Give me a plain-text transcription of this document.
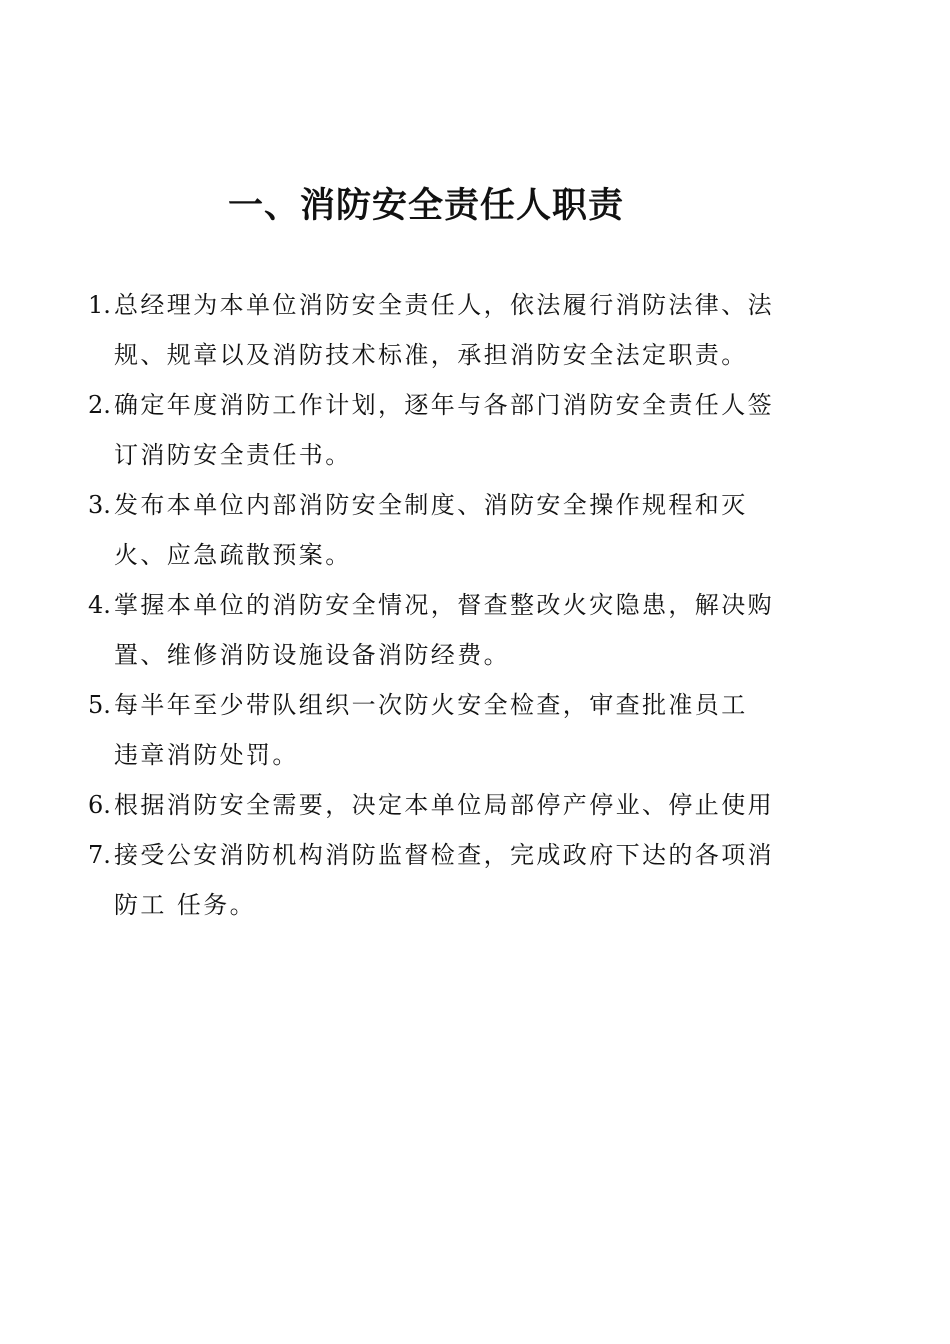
一、消防安全责任人职责
1. 总经理为本单位消防安全责任人，依法履行消防法律、法
规、规章以及消防技术标准，承担消防安全法定职责。
2. 确定年度消防工作计划，逐年与各部门消防安全责任人签
订消防安全责任书。
3. 发布本单位内部消防安全制度、消防安全操作规程和灭
火、应急疏散预案。
4. 掌握本单位的消防安全情况，督查整改火灾隐患，解决购
置、维修消防设施设备消防经费。
5. 每半年至少带队组织一次防火安全检查，审查批准员工
违章消防处罚。
6. 根据消防安全需要，决定本单位局部停产停业、停止使用
7. 接受公安消防机构消防监督检查，完成政府下达的各项消
防工 任务。
